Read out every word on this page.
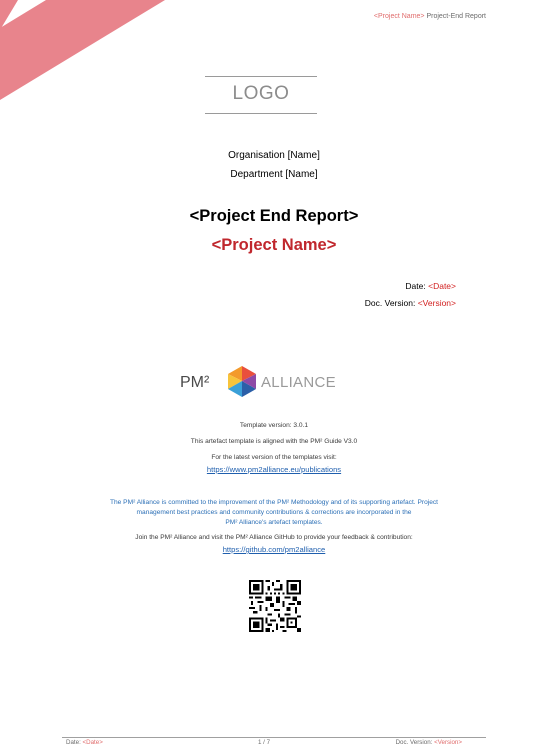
<Project Name> Project-End Report
LOGO
Organisation [Name]
Department [Name]
<Project End Report>
<Project Name>
Date: <Date>
Doc. Version: <Version>
PM²	ALLIANCE
Template version: 3.0.1
This artefact template is aligned with the PM² Guide V3.0
For the latest version of the templates visit:
https://www.pm2alliance.eu/publications
The PM² Alliance is committed to the improvement of the PM² Methodology and of its supporting artefact. Project
management best practices and community contributions & corrections are incorporated in the
PM² Alliance's artefact templates.
Join the PM² Alliance and visit the PM² Alliance GitHub to provide your feedback & contribution:
https://github.com/pm2alliance
Date: <Date>	1 / 7	Doc. Version: <Version>
